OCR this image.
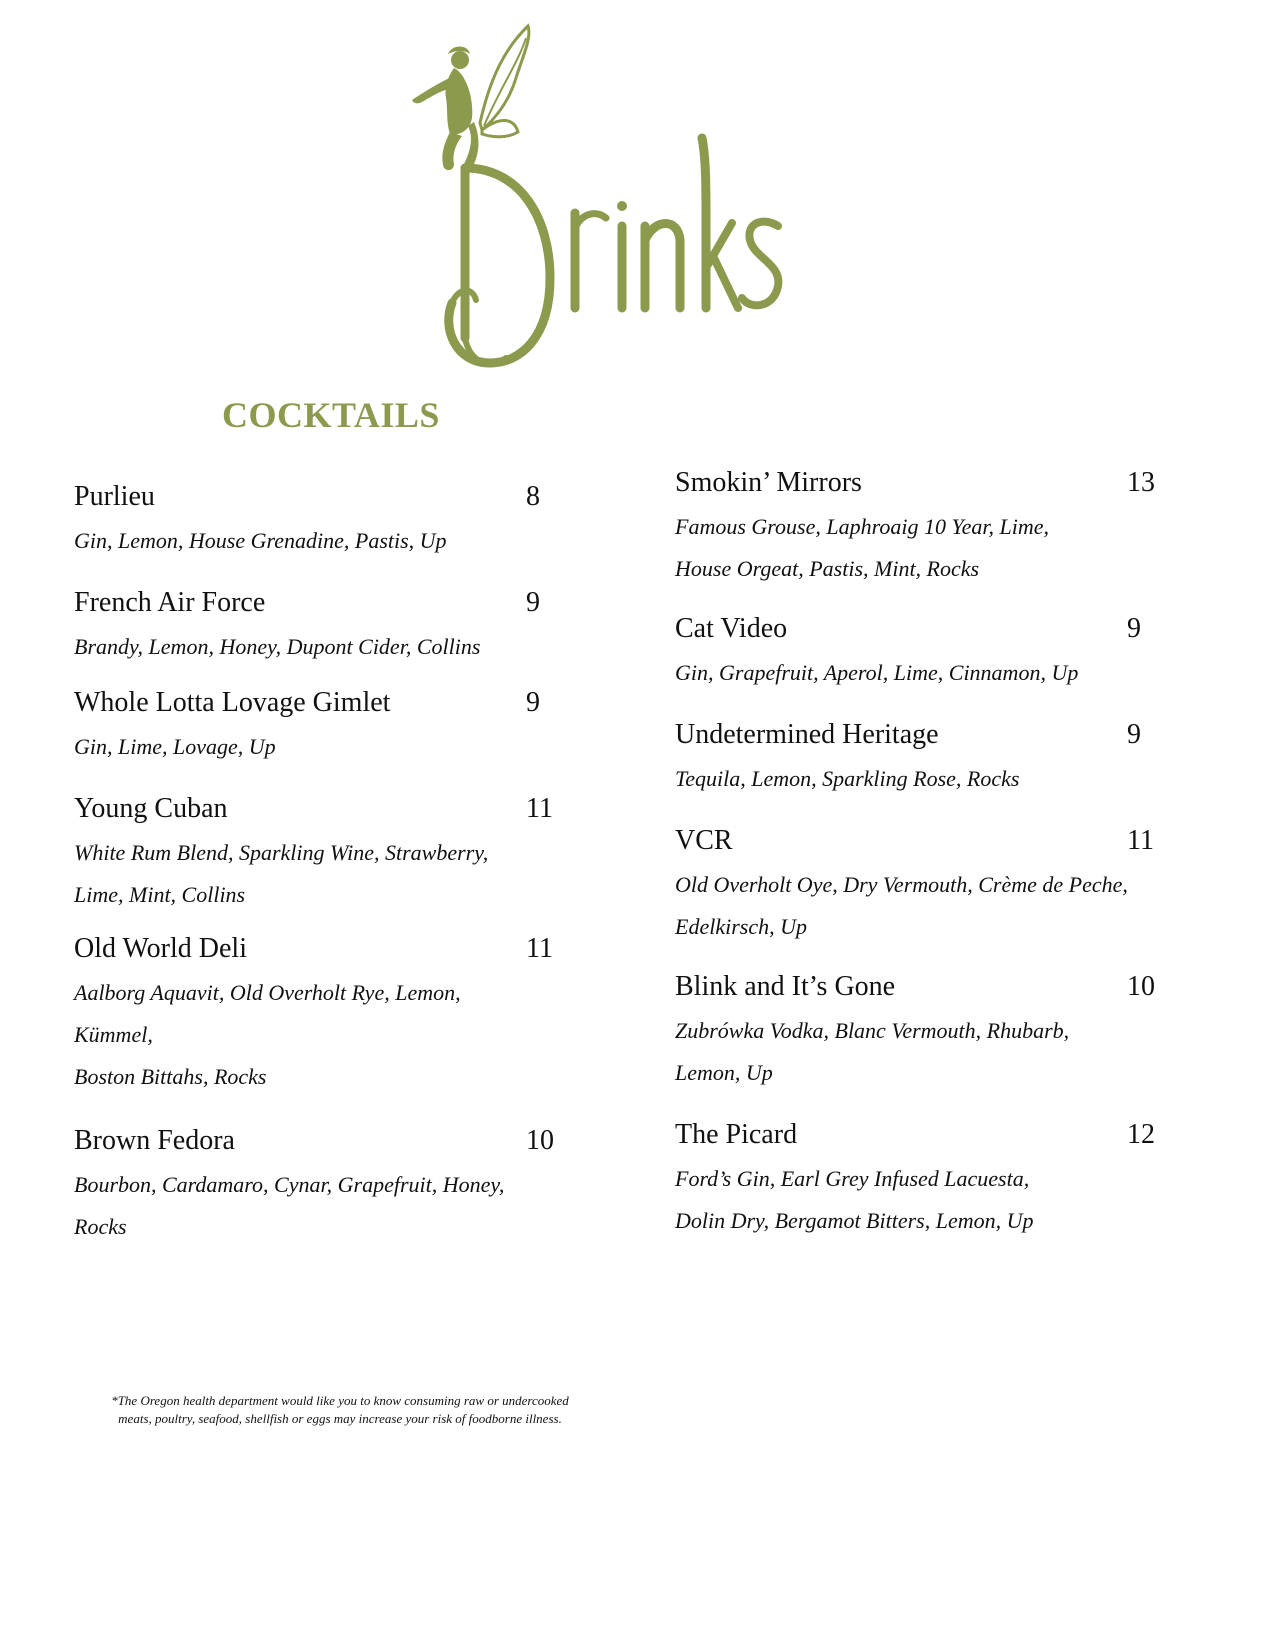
COCKTAILS
Purlieu	8
Gin, Lemon, House Grenadine, Pastis, Up
French Air Force	9
Brandy, Lemon, Honey, Dupont Cider, Collins
Whole Lotta Lovage Gimlet	9
Gin, Lime, Lovage, Up
Young Cuban	11
White Rum Blend, Sparkling Wine, Strawberry,
Lime, Mint, Collins
Old World Deli	11
Aalborg Aquavit, Old Overholt Rye, Lemon, Kümmel,
Boston Bittahs, Rocks
Brown Fedora	10
Bourbon, Cardamaro, Cynar, Grapefruit, Honey, Rocks
Smokin’ Mirrors	13
Famous Grouse, Laphroaig 10 Year, Lime,
House Orgeat, Pastis, Mint, Rocks
Cat Video	9
Gin, Grapefruit, Aperol, Lime, Cinnamon, Up
Undetermined Heritage	9
Tequila, Lemon, Sparkling Rose, Rocks
VCR	11
Old Overholt Oye, Dry Vermouth, Crème de Peche,
Edelkirsch, Up
Blink and It’s Gone	10
Zubrówka Vodka, Blanc Vermouth, Rhubarb,
Lemon, Up
The Picard	12
Ford’s Gin, Earl Grey Infused Lacuesta,
Dolin Dry, Bergamot Bitters, Lemon, Up
*The Oregon health department would like you to know consuming raw or undercooked
meats, poultry, seafood, shellfish or eggs may increase your risk of foodborne illness.
